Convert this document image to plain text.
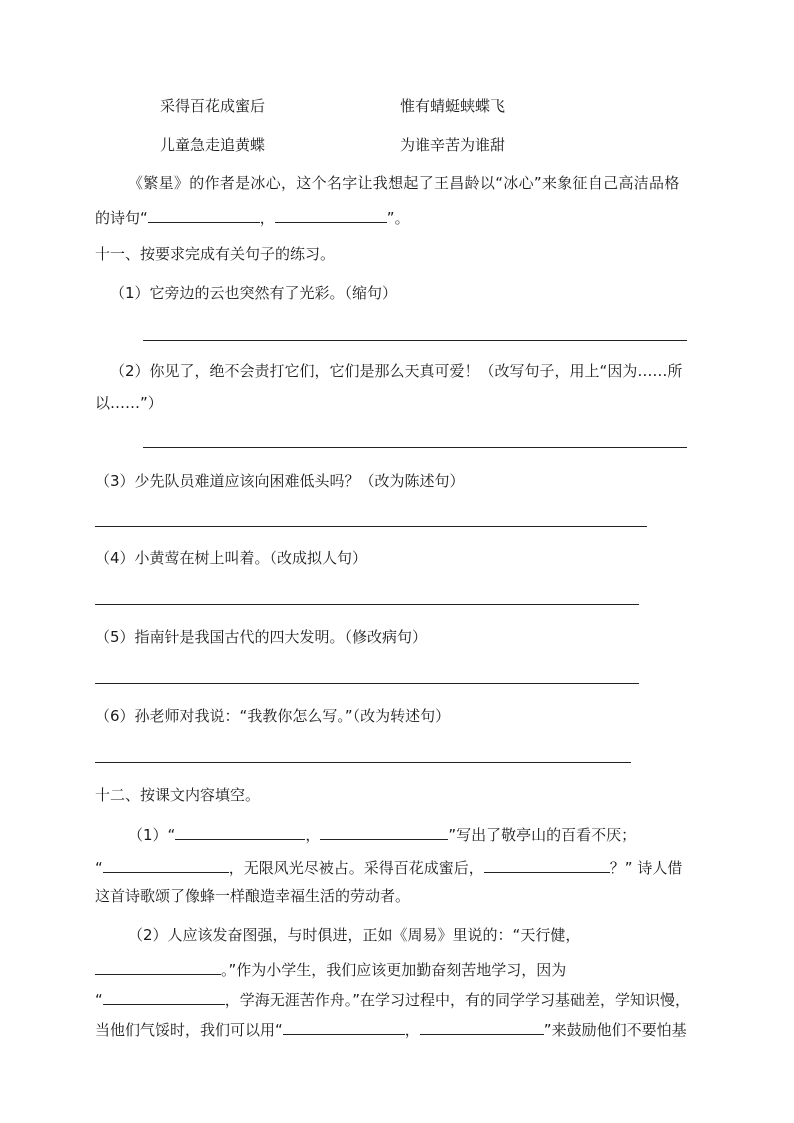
采得百花成蜜后	惟有蜻蜓蛱蝶飞
儿童急走追黄蝶	为谁辛苦为谁甜
《繁星》的作者是冰心，这个名字让我想起了王昌龄以“冰心”来象征自己高洁品格
的诗句“	，	”。
十一、按要求完成有关句子的练习。
（1）它旁边的云也突然有了光彩。（缩句）
（2）你见了，绝不会责打它们，它们是那么天真可爱！（改写句子，用上“因为……所
以……”）
（3）少先队员难道应该向困难低头吗？（改为陈述句）
（4）小黄莺在树上叫着。（改成拟人句）
（5）指南针是我国古代的四大发明。（修改病句）
（6）孙老师对我说：“我教你怎么写。”（改为转述句）
十二、按课文内容填空。
（1）“	，	”写出了敬亭山的百看不厌；
“	，无限风光尽被占。采得百花成蜜后，	？” 诗人借
这首诗歌颂了像蜂一样酿造幸福生活的劳动者。
（2）人应该发奋图强，与时俱进，正如《周易》里说的：“天行健，
。”作为小学生，我们应该更加勤奋刻苦地学习，因为
“	，学海无涯苦作舟。”在学习过程中，有的同学学习基础差，学知识慢，
当他们气馁时，我们可以用“	，	”来鼓励他们不要怕基
